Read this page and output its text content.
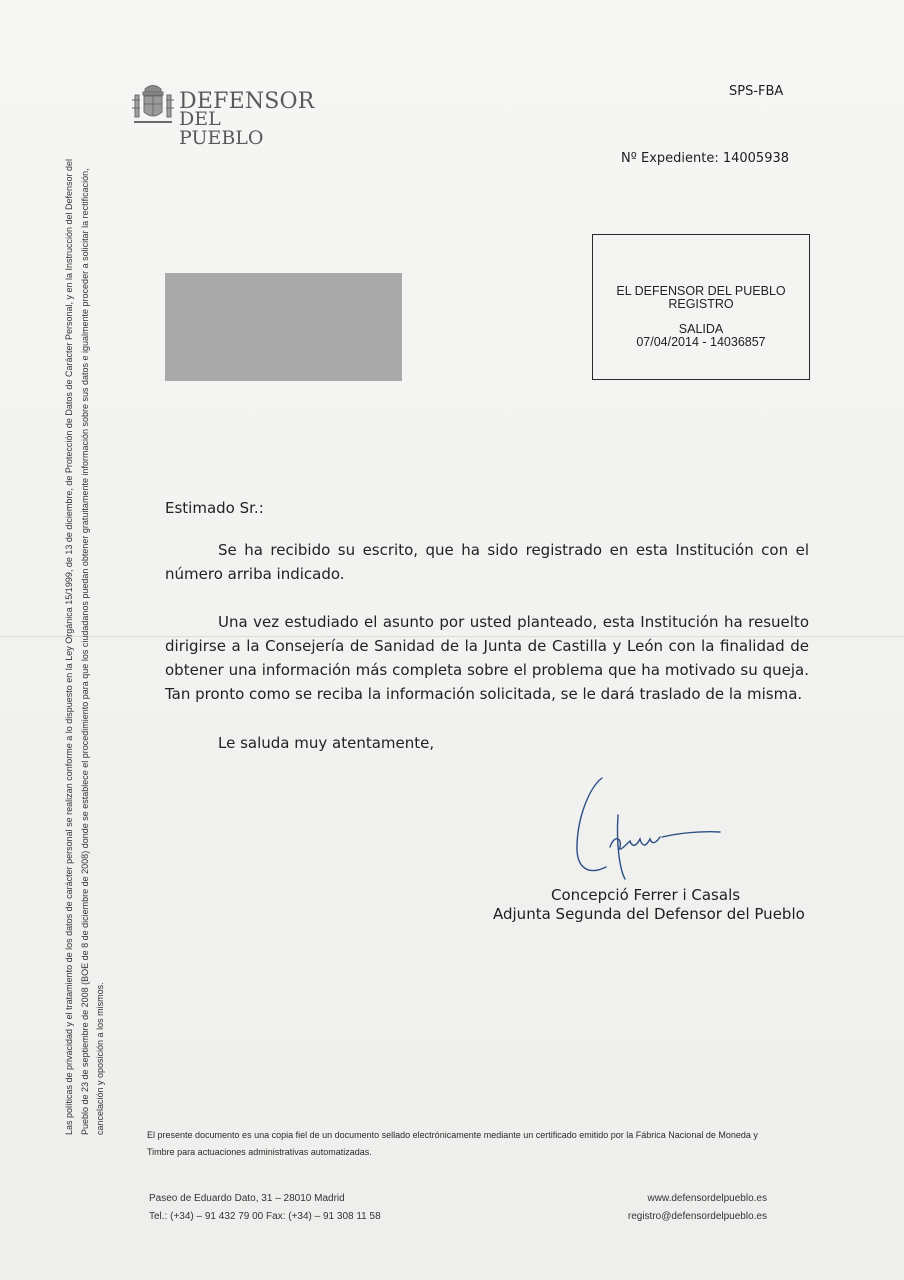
DEFENSOR
DEL PUEBLO
SPS-FBA
Nº Expediente: 14005938
EL DEFENSOR DEL PUEBLO
REGISTRO
SALIDA
07/04/2014 - 14036857
Las políticas de privacidad y el tratamiento de los datos de carácter personal se realizan conforme a lo dispuesto en la Ley Orgánica 15/1999, de 13 de diciembre, de Protección de Datos de Carácter Personal, y en la Instrucción del Defensor del Pueblo de 23 de septiembre de 2008 (BOE de 8 de diciembre de 2008) donde se establece el procedimiento para que los ciudadanos puedan obtener gratuitamente información sobre sus datos e igualmente proceder a solicitar la rectificación, cancelación y oposición a los mismos.
Estimado Sr.:
Se ha recibido su escrito, que ha sido registrado en esta Institución con el número arriba indicado.
Una vez estudiado el asunto por usted planteado, esta Institución ha resuelto dirigirse a la Consejería de Sanidad de la Junta de Castilla y León con la finalidad de obtener una información más completa sobre el problema que ha motivado su queja. Tan pronto como se reciba la información solicitada, se le dará traslado de la misma.
Le saluda muy atentamente,
Concepció Ferrer i Casals
Adjunta Segunda del Defensor del Pueblo
El presente documento es una copia fiel de un documento sellado electrónicamente mediante un certificado emitido por la Fábrica Nacional de Moneda y Timbre para actuaciones administrativas automatizadas.
Paseo de Eduardo Dato, 31 – 28010 Madrid
Tel.: (+34) – 91 432 79 00 Fax: (+34) – 91 308 11 58
www.defensordelpueblo.es
registro@defensordelpueblo.es
